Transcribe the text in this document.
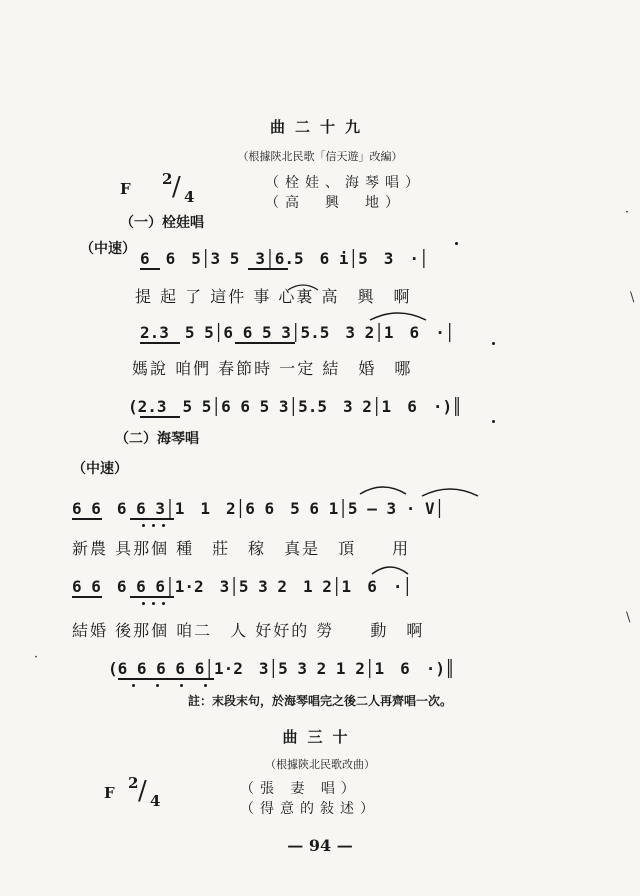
曲二十九
（根據陝北民歌「信天遊」改編）
F
2 / 4
（栓娃、海琴唱）
（高　興　地）
（一）栓娃唱
（中速） 6　6　5│3 5　3│6.5　6 i│5　3　·│
提 起 了 這件 事 心裏 高　興　啊
2.3　5 5│6 6 5 3│5.5　3 2│1　6　·│
媽說 咱們 春節時 一定 結　婚　哪
(2.3　5 5│6 6 5 3│5.5　3 2│1　6　·)║
（二）海琴唱
（中速）
6 6　6 6 3│1　1　2│6 6　5 6 1│5 — 3 · V│
新農 具那個 種　莊　稼　真是　頂　　用
6 6　6 6 6│1·2　3│5 3 2　1 2│1　6　·│
結婚 後那個 咱二　人 好好的 勞　　動　啊
(6 6 6 6 6│1·2　3│5 3 2 1 2│1　6　·)║
註：末段末句，於海琴唱完之後二人再齊唱一次。
曲三十
（根據陝北民歌改曲）
F
2 / 4
（張 妻 唱）
（得意的敍述）
— 94 —
·
\
\
·
